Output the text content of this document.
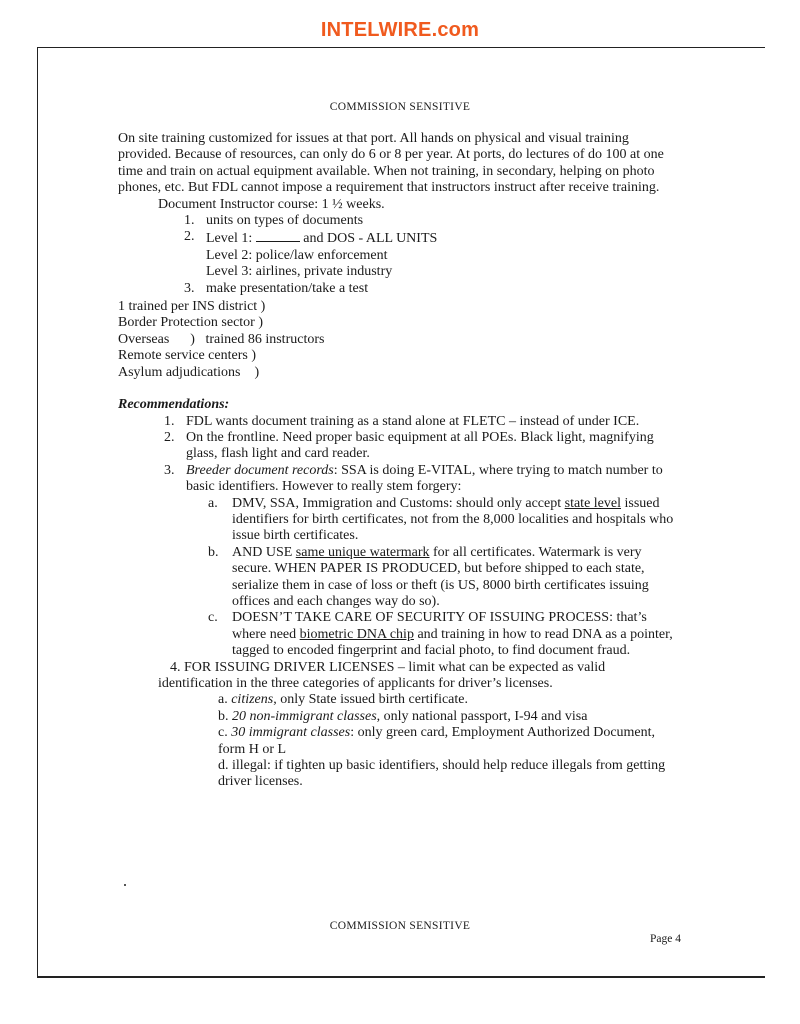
INTELWIRE.com
COMMISSION SENSITIVE

On site training customized for issues at that port. All hands on physical and visual training provided. Because of resources, can only do 6 or 8 per year. At ports, do lectures of do 100 at one time and train on actual equipment available. When not training, in secondary, helping on photo phones, etc. But FDL cannot impose a requirement that instructors instruct after receive training.

Document Instructor course: 1 ½ weeks.

1. units on types of documents
2. Level 1:	and DOS - ALL UNITS
Level 2: police/law enforcement
Level 3: airlines, private industry
3. make presentation/take a test

1 trained per INS district )

Border Protection sector )

Overseas      )   trained 86 instructors

Remote service centers )

Asylum adjudications    )

Recommendations:

1. FDL wants document training as a stand alone at FLETC – instead of under ICE.
2. On the frontline. Need proper basic equipment at all POEs. Black light, magnifying glass, flash light and card reader.
3. Breeder document records: SSA is doing E-VITAL, where trying to match number to basic identifiers. However to really stem forgery:
a. DMV, SSA, Immigration and Customs: should only accept state level issued identifiers for birth certificates, not from the 8,000 localities and hospitals who issue birth certificates.
b. AND USE same unique watermark for all certificates. Watermark is very secure. WHEN PAPER IS PRODUCED, but before shipped to each state, serialize them in case of loss or theft (is US, 8000 birth certificates issuing offices and each changes way do so).
c. DOESN’T TAKE CARE OF SECURITY OF ISSUING PROCESS: that’s where need biometric DNA chip and training in how to read DNA as a pointer, tagged to encoded fingerprint and facial photo, to find document fraud.

4. FOR ISSUING DRIVER LICENSES – limit what can be expected as valid identification in the three categories of applicants for driver’s licenses.

a. citizens, only State issued birth certificate.

b. 20 non-immigrant classes, only national passport, I-94 and visa

c. 30 immigrant classes: only green card, Employment Authorized Document, form H or L

d. illegal: if tighten up basic identifiers, should help reduce illegals from getting driver licenses.

COMMISSION SENSITIVE
Page 4
